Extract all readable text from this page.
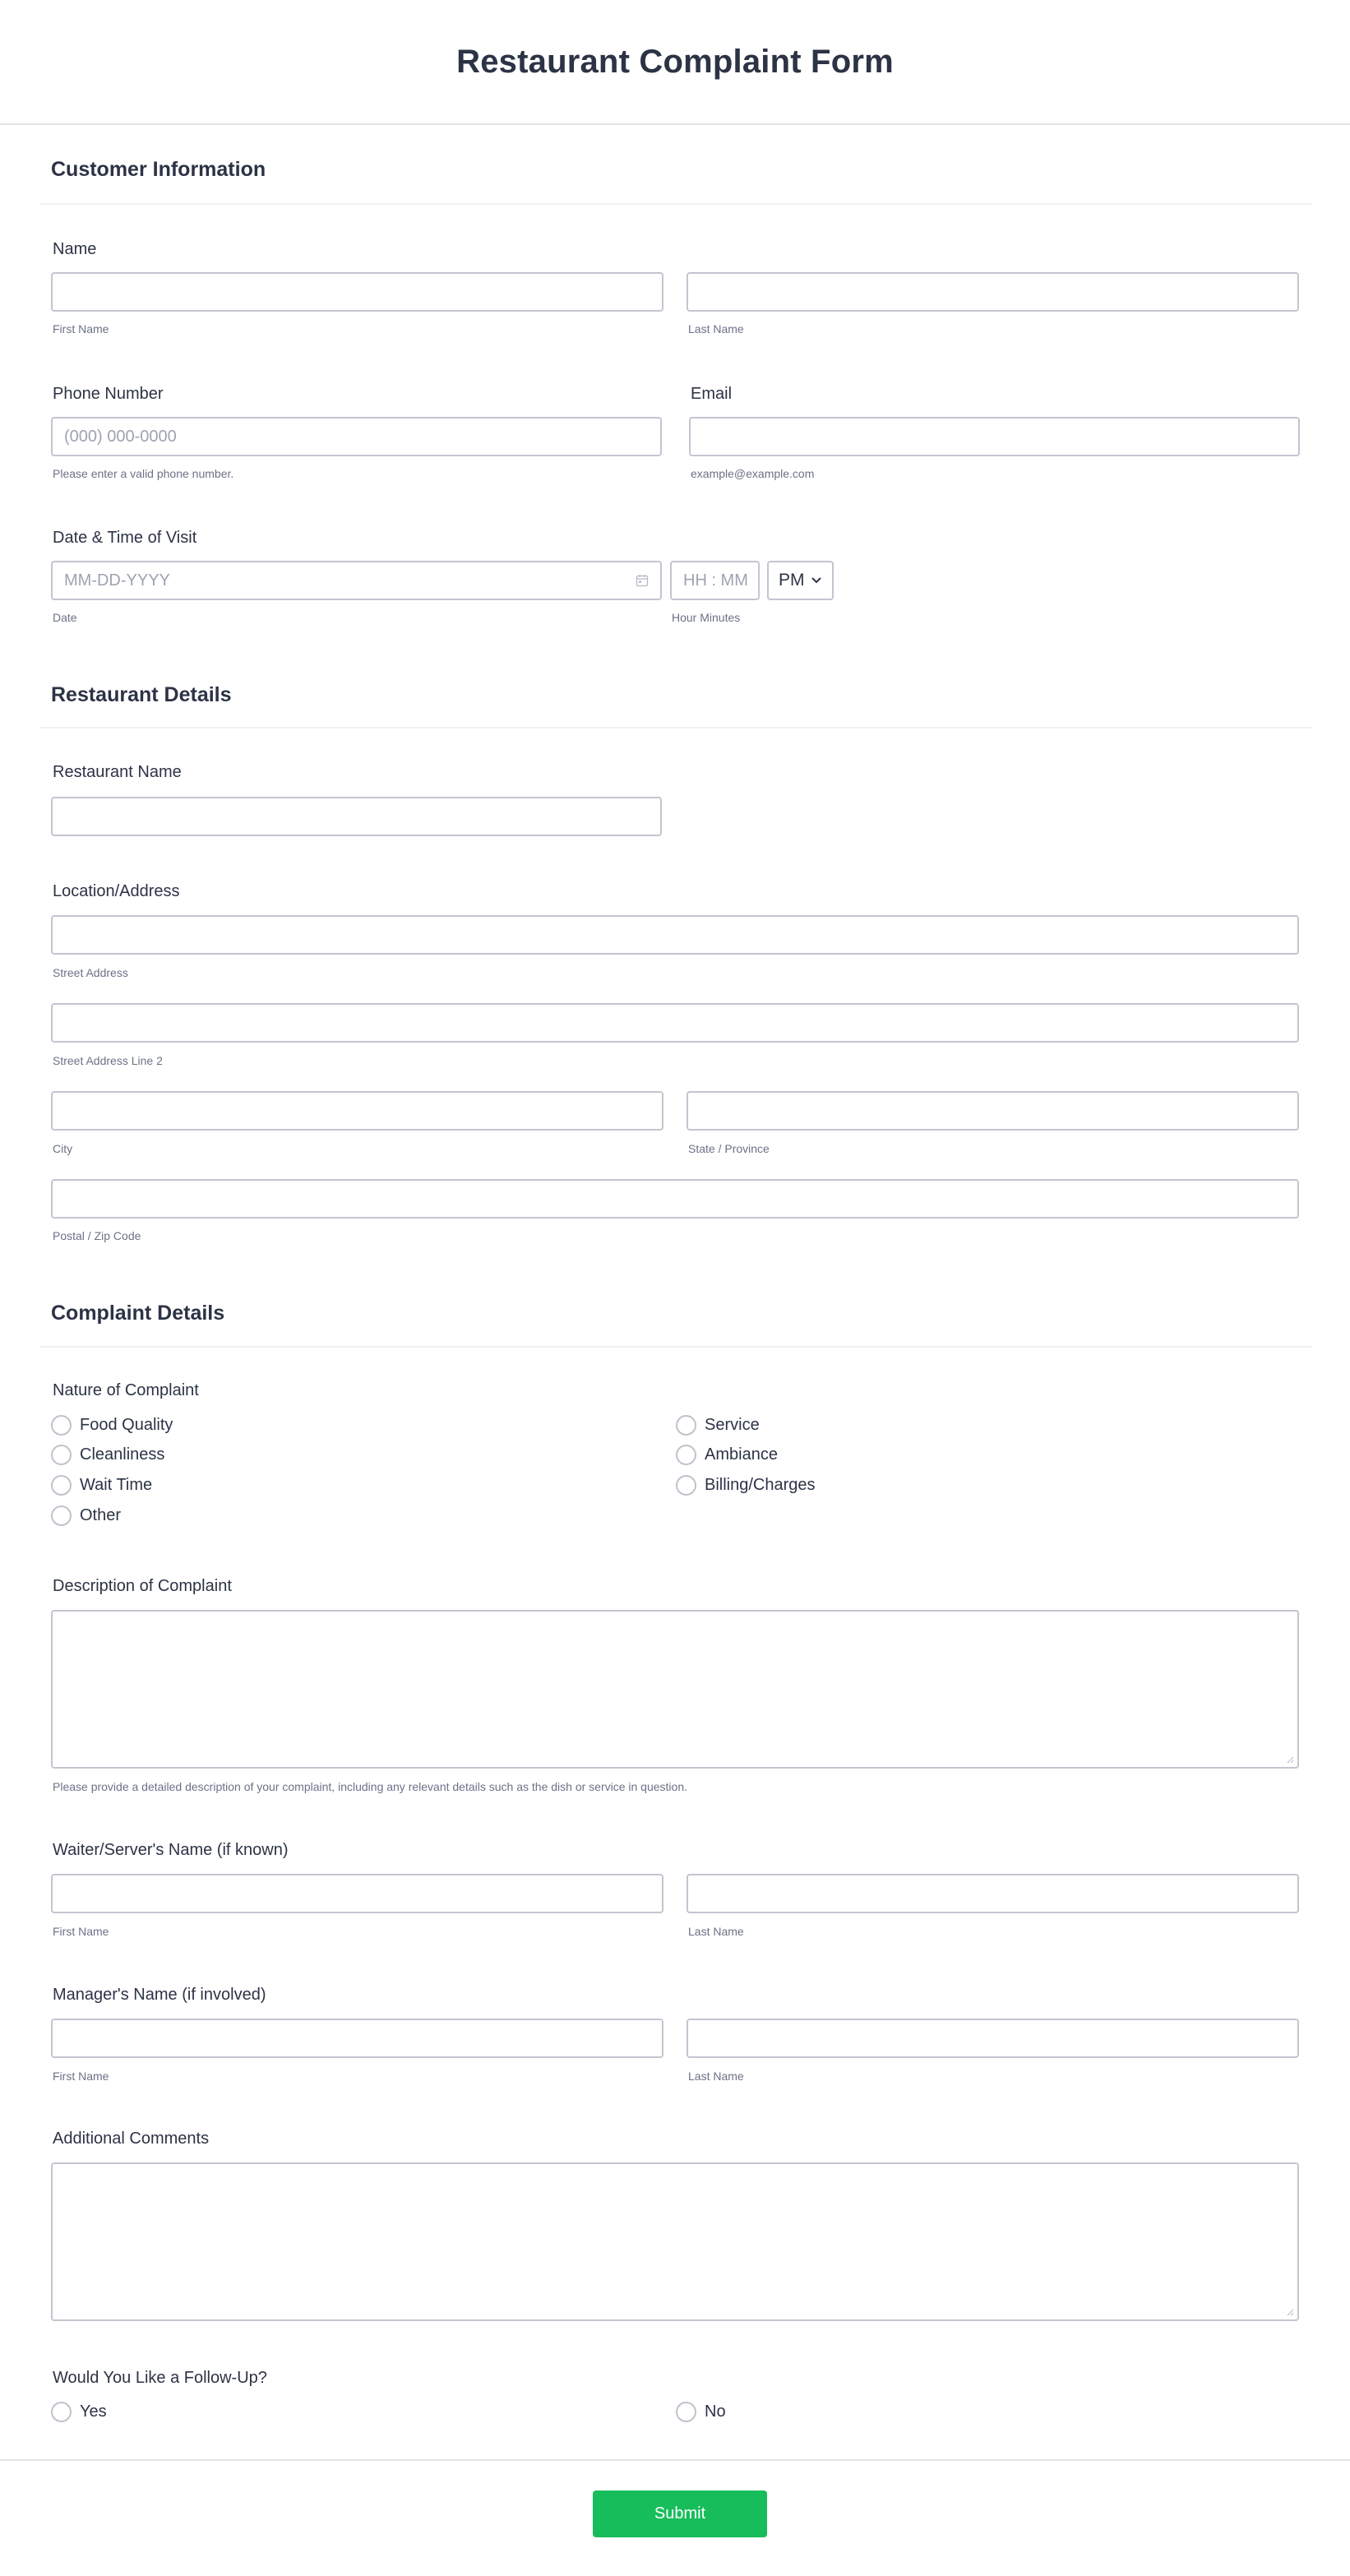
Restaurant Complaint Form
Customer Information
Name
First Name	Last Name
Phone Number
(000) 000-0000
Please enter a valid phone number.
Email
example@example.com
Date & Time of Visit
MM-DD-YYYY
Date
HH : MM
Hour Minutes
PM
Restaurant Details
Restaurant Name
Location/Address
Street Address
Street Address Line 2
City	State / Province
Postal / Zip Code
Complaint Details
Nature of Complaint
Food Quality
Cleanliness
Wait Time
Other
Service
Ambiance
Billing/Charges
Description of Complaint
Please provide a detailed description of your complaint, including any relevant details such as the dish or service in question.
Waiter/Server's Name (if known)
First Name	Last Name
Manager's Name (if involved)
First Name	Last Name
Additional Comments
Would You Like a Follow-Up?
Yes	No
Submit
